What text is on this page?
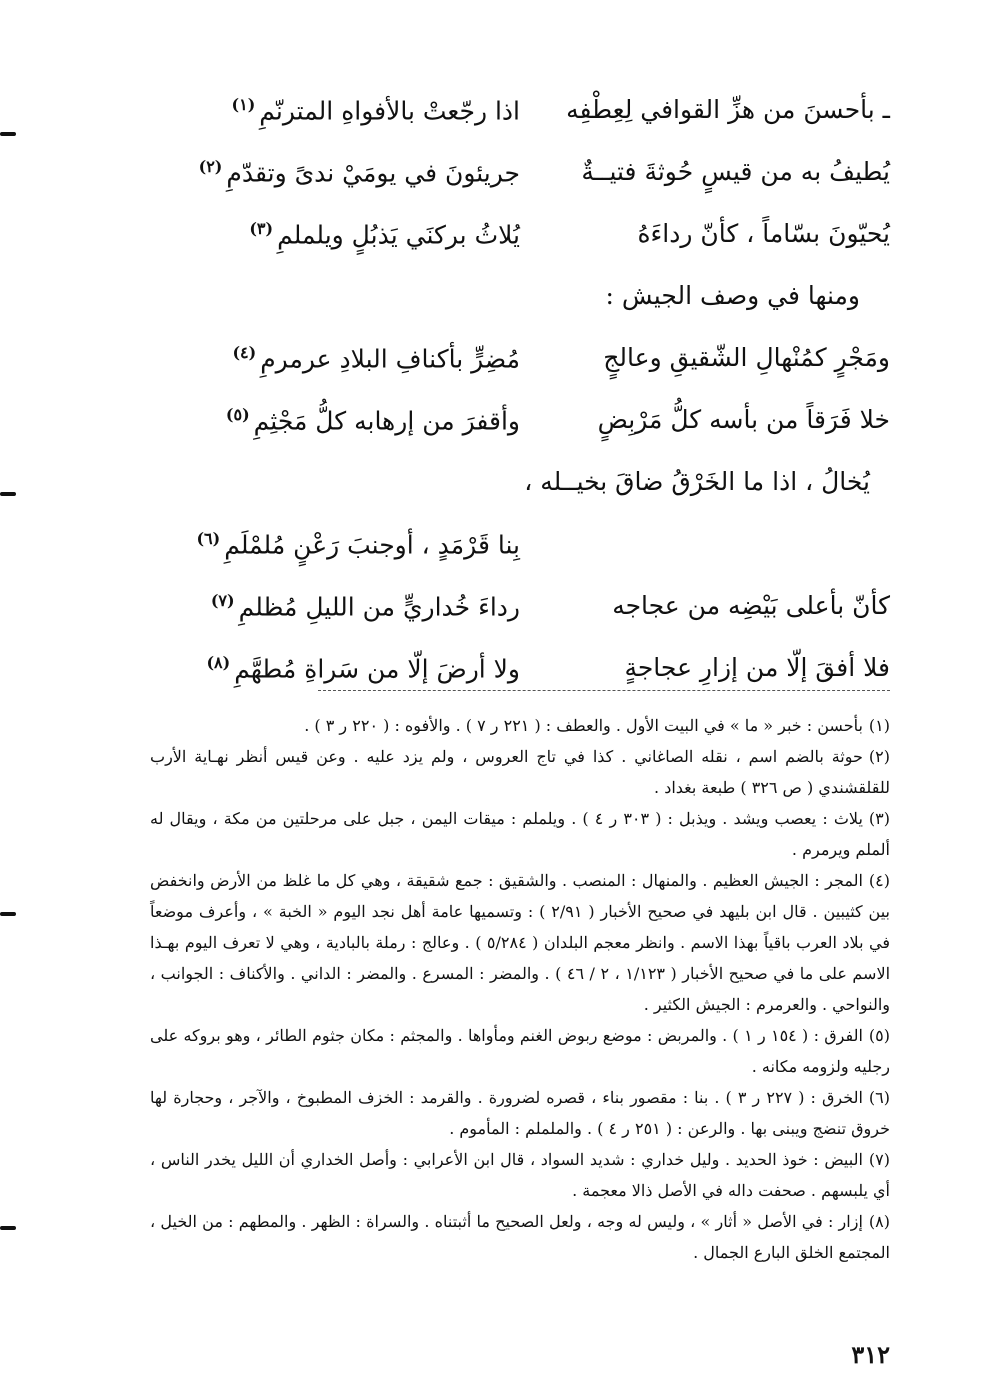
ـ بأحسنَ من هزِّ القوافي لِعِطْفِه
اذا رجّعتْ بالأفواهِ المترنّمِ$^{(١)}$
يُطيفُ به من قيسٍ حُوثةَ فتيــةٌ
جريئونَ في يومَيْ ندىً وتقدّمِ$^{(٢)}$
يُحيّونَ بسّاماً ، كأنّ رداءَهُ
يُلاثُ بركنَي يَذبُلٍ ويلملمِ$^{(٣)}$
ومنها في وصف الجيش :
ومَجْرٍ كمُنْهالِ الشّقيقِ وعالجٍ
مُضِرٍّ بأكنافِ البلادِ عرمرمِ$^{(٤)}$
خلا فَرَقاً من بأسه كلُّ مَرْبِضٍ
وأقفرَ من إرهابه كلُّ مَجْثِمِ$^{(٥)}$
يُخالُ ، اذا ما الخَرْقُ ضاقَ بخيــله ،
بِنا قَرْمَدٍ ، أوجنبَ رَعْنٍ مُلمْلَمِ$^{(٦)}$
كأنّ بأعلى بَيْضِه من عجاجه
رداءَ خُداريٍّ من الليلِ مُظلمِ$^{(٧)}$
فلا أفقَ إلّا من إزارِ عجاجةٍ
ولا أرضَ إلّا من سَراةِ مُطهَّمِ$^{(٨)}$

(١)بأحسن : خبر « ما » في البيت الأول . والعطف : ( ٢٢١ ر ٧ ) . والأفوه : ( ٢٢٠ ر ٣ ) .

(٢)حوثة بالضم اسم ، نقله الصاغاني . كذا في تاج العروس ، ولم يزد عليه . وعن قيس أنظر نهـاية الأرب للقلقشندي ( ص ٣٢٦ ) طبعة بغداد .

(٣)يلاث : يعصب ويشد . ويذبل : ( ٣٠٣ ر ٤ ) . ويلملم : ميقات اليمن ، جبل على مرحلتين من مكة ، ويقال له ألملم ويرمرم .

(٤)المجر : الجيش العظيم . والمنهال : المنصب . والشقيق : جمع شقيقة ، وهي كل ما غلظ من الأرض وانخفض بين كثيبين . قال ابن بليهد في صحيح الأخبار ( ٢/٩١ ) : وتسميها عامة أهل نجد اليوم « الخبة » ، وأعرف موضعاً في بلاد العرب باقياً بهذا الاسم . وانظر معجم البلدان ( ٥/٢٨٤ ) . وعالج : رملة بالبادية ، وهي لا تعرف اليوم بهـذا الاسم على ما في صحيح الأخبار ( ١/١٢٣ ، ٢ / ٤٦ ) . والمضر : المسرع . والمضر : الداني . والأكناف : الجوانب ، والنواحي . والعرمرم : الجيش الكثير .

(٥)الفرق : ( ١٥٤ ر ١ ) . والمربض : موضع ربوض الغنم ومأواها . والمجثم : مكان جثوم الطائر ، وهو بروكه على رجليه ولزومه مكانه .

(٦)الخرق : ( ٢٢٧ ر ٣ ) . بنا : مقصور بناء ، قصره لضرورة . والقرمد : الخزف المطبوخ ، والآجر ، وحجارة لها خروق تنضج ويبنى بها . والرعن : ( ٢٥١ ر ٤ ) . والململم : المأموم .

(٧)البيض : خوذ الحديد . وليل خداري : شديد السواد ، قال ابن الأعرابي : وأصل الخداري أن الليل يخدر الناس ، أي يلبسهم . صحفت داله في الأصل ذالا معجمة .

(٨)إزار : في الأصل « أثار » ، وليس له وجه ، ولعل الصحيح ما أثبتناه . والسراة : الظهر . والمطهم : من الخيل ، المجتمع الخلق البارع الجمال .

٣١٢
